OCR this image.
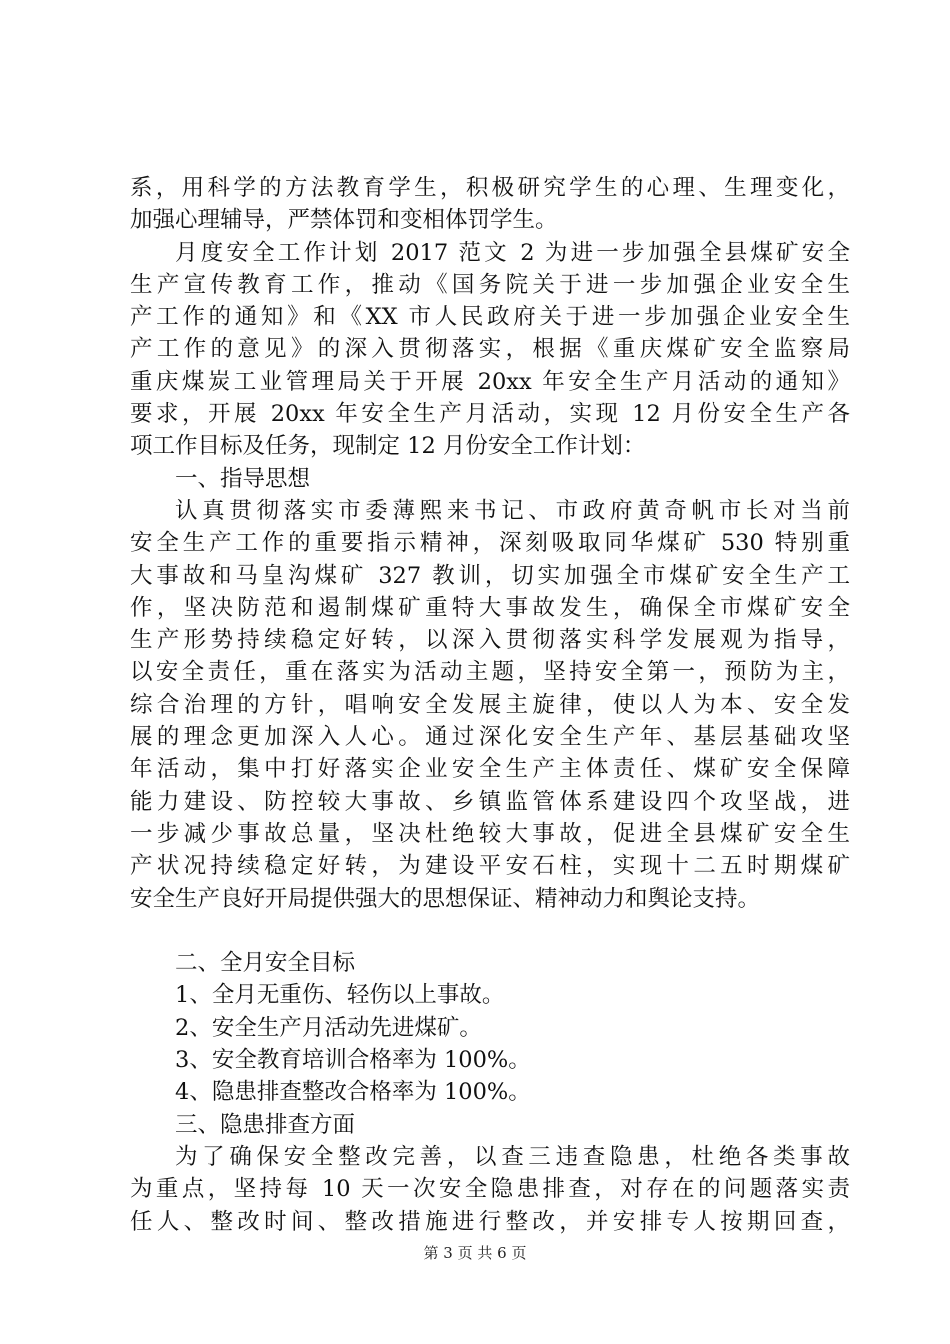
系，用科学的方法教育学生，积极研究学生的心理、生理变化，
加强心理辅导，严禁体罚和变相体罚学生。
月度安全工作计划 2017 范文 2 为进一步加强全县煤矿安全
生产宣传教育工作，推动《国务院关于进一步加强企业安全生
产工作的通知》和《XX 市人民政府关于进一步加强企业安全生
产工作的意见》的深入贯彻落实，根据《重庆煤矿安全监察局
重庆煤炭工业管理局关于开展 20xx 年安全生产月活动的通知》
要求，开展 20xx 年安全生产月活动，实现 12 月份安全生产各
项工作目标及任务，现制定 12 月份安全工作计划：
一、指导思想
认真贯彻落实市委薄熙来书记、市政府黄奇帆市长对当前
安全生产工作的重要指示精神，深刻吸取同华煤矿 530 特别重
大事故和马皇沟煤矿 327 教训，切实加强全市煤矿安全生产工
作，坚决防范和遏制煤矿重特大事故发生，确保全市煤矿安全
生产形势持续稳定好转，以深入贯彻落实科学发展观为指导，
以安全责任，重在落实为活动主题，坚持安全第一，预防为主，
综合治理的方针，唱响安全发展主旋律，使以人为本、安全发
展的理念更加深入人心。通过深化安全生产年、基层基础攻坚
年活动，集中打好落实企业安全生产主体责任、煤矿安全保障
能力建设、防控较大事故、乡镇监管体系建设四个攻坚战，进
一步减少事故总量，坚决杜绝较大事故，促进全县煤矿安全生
产状况持续稳定好转，为建设平安石柱，实现十二五时期煤矿
安全生产良好开局提供强大的思想保证、精神动力和舆论支持。
二、全月安全目标
1、全月无重伤、轻伤以上事故。
2、安全生产月活动先进煤矿。
3、安全教育培训合格率为 100%。
4、隐患排查整改合格率为 100%。
三、隐患排查方面
为了确保安全整改完善，以查三违查隐患，杜绝各类事故
为重点，坚持每 10 天一次安全隐患排查，对存在的问题落实责
任人、整改时间、整改措施进行整改，并安排专人按期回查，
第 3 页 共 6 页
